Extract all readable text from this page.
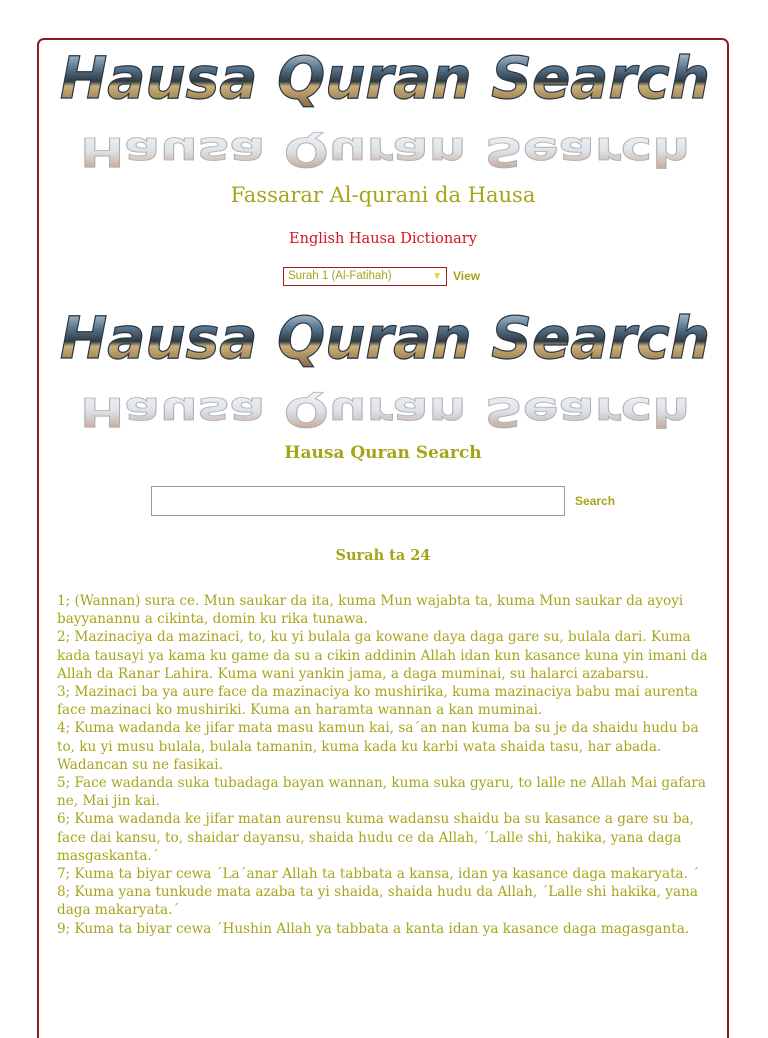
Hausa Quran Search
Hausa Quran Search
Fassarar Al-qurani da Hausa
English Hausa Dictionary
Surah 1 (Al-Fatihah)	▼ View
Hausa Quran Search
Hausa Quran Search
Hausa Quran Search
Search
Surah ta 24

1; (Wannan) sura ce. Mun saukar da ita, kuma Mun wajabta ta, kuma Mun saukar da ayoyi bayyanannu a cikinta, domin ku rika tunawa.

2; Mazinaciya da mazinaci, to, ku yi bulala ga kowane daya daga gare su, bulala dari. Kuma kada tausayi ya kama ku game da su a cikin addinin Allah idan kun kasance kuna yin imani da Allah da Ranar Lahira. Kuma wani yankin jama, a daga muminai, su halarci azabarsu.

3; Mazinaci ba ya aure face da mazinaciya ko mushirika, kuma mazinaciya babu mai aurenta face mazinaci ko mushiriki. Kuma an haramta wannan a kan muminai.

4; Kuma wadanda ke jifar mata masu kamun kai, sa´an nan kuma ba su je da shaidu hudu ba to, ku yi musu bulala, bulala tamanin, kuma kada ku karbi wata shaida tasu, har abada. Wadancan su ne fasikai.

5; Face wadanda suka tubadaga bayan wannan, kuma suka gyaru, to lalle ne Allah Mai gafara ne, Mai jin kai.

6; Kuma wadanda ke jifar matan aurensu kuma wadansu shaidu ba su kasance a gare su ba, face dai kansu, to, shaidar dayansu, shaida hudu ce da Allah, ´Lalle shi, hakika, yana daga masgaskanta.´

7; Kuma ta biyar cewa ´La´anar Allah ta tabbata a kansa, idan ya kasance daga makaryata. ´

8; Kuma yana tunkude mata azaba ta yi shaida, shaida hudu da Allah, ´Lalle shi hakika, yana daga makaryata.´

9; Kuma ta biyar cewa ´Hushin Allah ya tabbata a kanta idan ya kasance daga magasganta.
